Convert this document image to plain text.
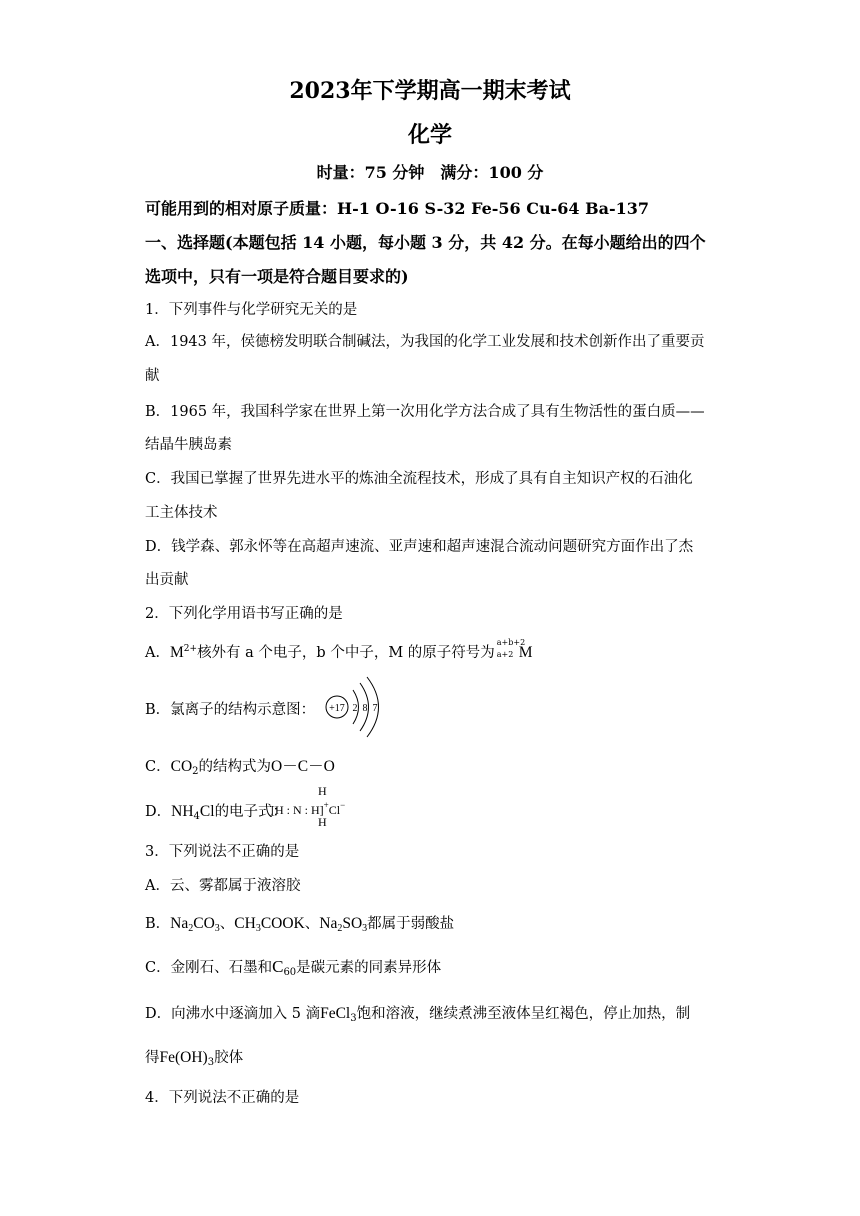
2023年下学期高一期末考试
化学
时量：75 分钟　满分：100 分
可能用到的相对原子质量：H-1 O-16 S-32 Fe-56 Cu-64 Ba-137
一、选择题(本题包括 14 小题，每小题 3 分，共 42 分。在每小题给出的四个
选项中，只有一项是符合题目要求的)
1．下列事件与化学研究无关的是
A．1943 年，侯德榜发明联合制碱法，为我国的化学工业发展和技术创新作出了重要贡
献
B．1965 年，我国科学家在世界上第一次用化学方法合成了具有生物活性的蛋白质——
结晶牛胰岛素
C．我国已掌握了世界先进水平的炼油全流程技术，形成了具有自主知识产权的石油化
工主体技术
D．钱学森、郭永怀等在高超声速流、亚声速和超声速混合流动问题研究方面作出了杰
出贡献
2．下列化学用语书写正确的是
A．$M^{2+}$核外有 a 个电子，b 个中子，M 的原子符号为
a+b+2
a+2 M
B．氯离子的结构示意图： +17 2 8 7
C．$CO_2$的结构式为O－C－O
D．$NH_4Cl$的电子式：
H
[H : N : H]+Cl−
H
3．下列说法不正确的是
A．云、雾都属于液溶胶
B．$Na_2CO_3$、$CH_3COOK$、$Na_2SO_3$都属于弱酸盐
C．金刚石、石墨和$C_{60}$是碳元素的同素异形体
D．向沸水中逐滴加入 5 滴FeCl$_3$饱和溶液，继续煮沸至液体呈红褐色，停止加热，制
得$Fe(OH)_3$胶体
4．下列说法不正确的是
